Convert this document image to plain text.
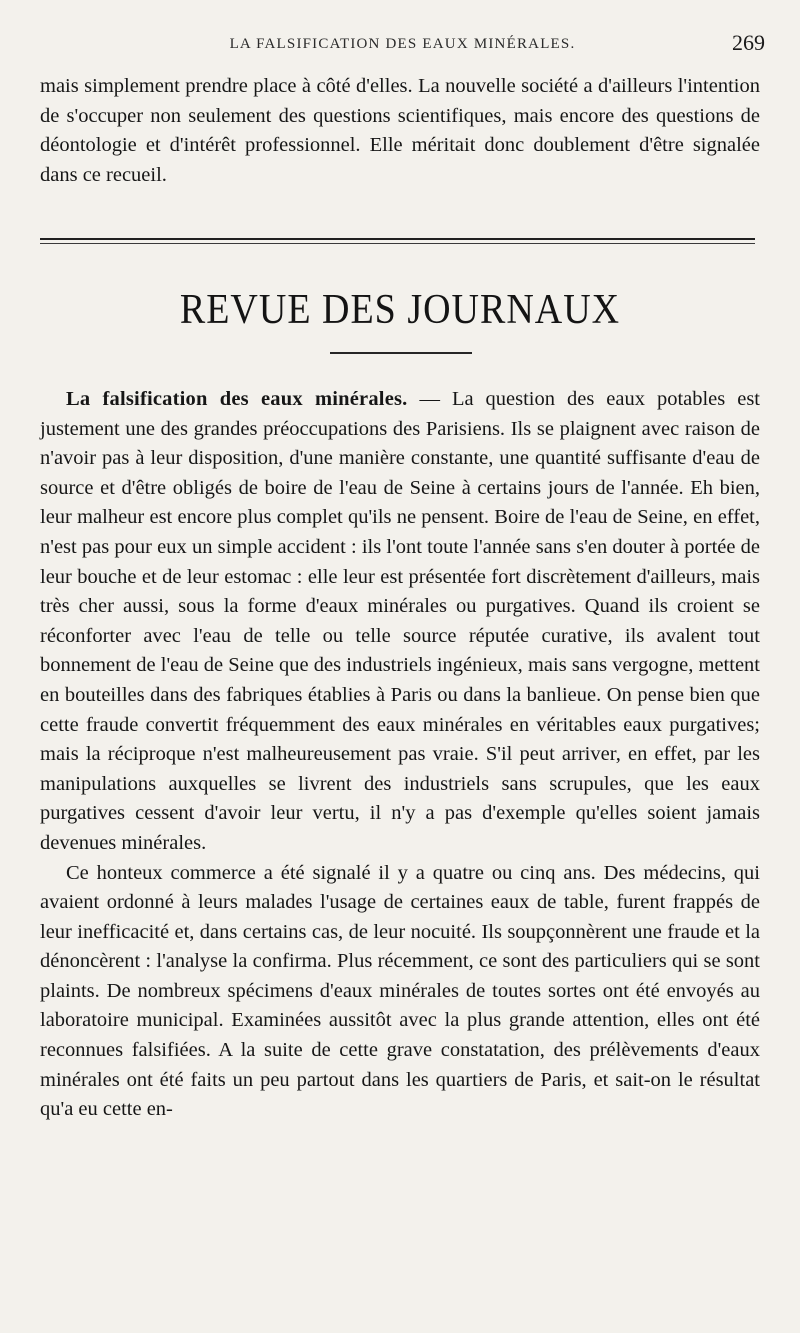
LA FALSIFICATION DES EAUX MINÉRALES.	269

mais simplement prendre place à côté d'elles. La nouvelle société a d'ailleurs l'intention de s'occuper non seulement des questions scientifiques, mais encore des questions de déontologie et d'intérêt professionnel. Elle méritait donc doublement d'être signalée dans ce recueil.

REVUE DES JOURNAUX

La falsification des eaux minérales. — La question des eaux potables est justement une des grandes préoccupations des Parisiens. Ils se plaignent avec raison de n'avoir pas à leur disposition, d'une manière constante, une quantité suffisante d'eau de source et d'être obligés de boire de l'eau de Seine à certains jours de l'année. Eh bien, leur malheur est encore plus complet qu'ils ne pensent. Boire de l'eau de Seine, en effet, n'est pas pour eux un simple accident : ils l'ont toute l'année sans s'en douter à portée de leur bouche et de leur estomac : elle leur est présentée fort discrètement d'ailleurs, mais très cher aussi, sous la forme d'eaux minérales ou purgatives. Quand ils croient se réconforter avec l'eau de telle ou telle source réputée curative, ils avalent tout bonnement de l'eau de Seine que des industriels ingénieux, mais sans vergogne, mettent en bouteilles dans des fabriques établies à Paris ou dans la banlieue. On pense bien que cette fraude convertit fréquemment des eaux minérales en véritables eaux purgatives; mais la réciproque n'est malheureusement pas vraie. S'il peut arriver, en effet, par les manipulations auxquelles se livrent des industriels sans scrupules, que les eaux purgatives cessent d'avoir leur vertu, il n'y a pas d'exemple qu'elles soient jamais devenues minérales.

Ce honteux commerce a été signalé il y a quatre ou cinq ans. Des médecins, qui avaient ordonné à leurs malades l'usage de certaines eaux de table, furent frappés de leur inefficacité et, dans certains cas, de leur nocuité. Ils soupçonnèrent une fraude et la dénoncèrent : l'analyse la confirma. Plus récemment, ce sont des particuliers qui se sont plaints. De nombreux spécimens d'eaux minérales de toutes sortes ont été envoyés au laboratoire municipal. Examinées aussitôt avec la plus grande attention, elles ont été reconnues falsifiées. A la suite de cette grave constatation, des prélèvements d'eaux minérales ont été faits un peu partout dans les quartiers de Paris, et sait-on le résultat qu'a eu cette en-
